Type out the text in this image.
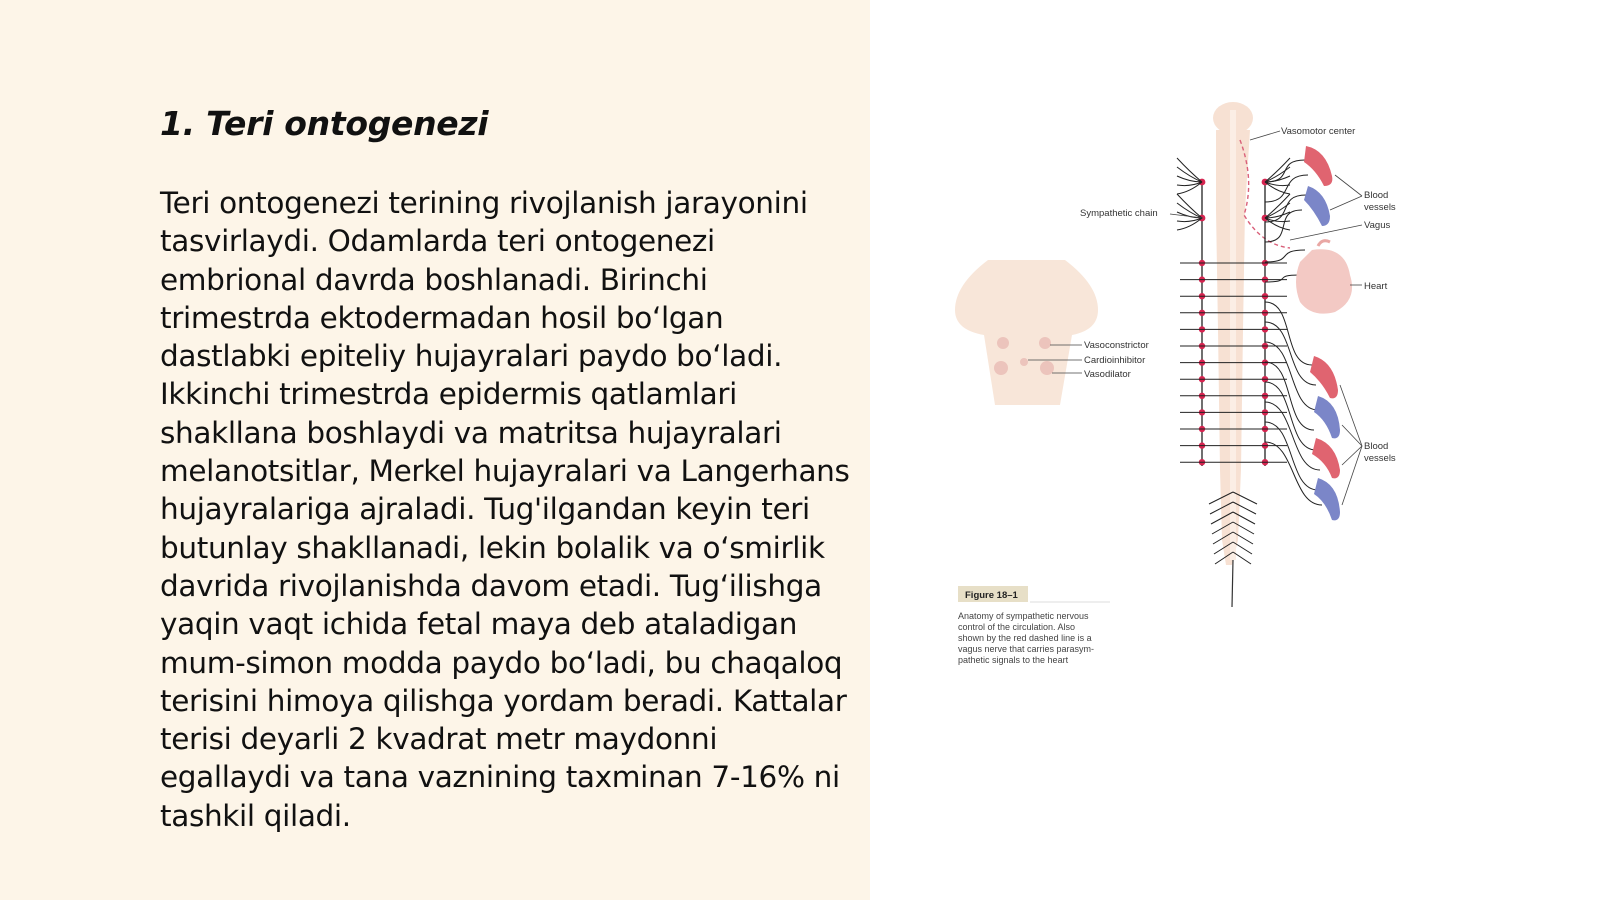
1. Teri ontogenezi

Teri ontogenezi terining rivojlanish jarayonini tasvirlaydi. Odamlarda teri ontogenezi embrional davrda boshlanadi. Birinchi trimestrda ektodermadan hosil bo‘lgan dastlabki epiteliy hujayralari paydo bo‘ladi. Ikkinchi trimestrda epidermis qatlamlari shakllana boshlaydi va matritsa hujayralari melanotsitlar, Merkel hujayralari va Langerhans hujayralariga ajraladi. Tug'ilgandan keyin teri butunlay shakllanadi, lekin bolalik va o‘smirlik davrida rivojlanishda davom etadi. Tug‘ilishga yaqin vaqt ichida fetal maya deb ataladigan mum-simon modda paydo bo‘ladi, bu chaqaloq terisini himoya qilishga yordam beradi. Kattalar terisi deyarli 2 kvadrat metr maydonni egallaydi va tana vaznining taxminan 7-16% ni tashkil qiladi.

Vasomotor center
Sympathetic chain
Blood
vessels
Vagus
Heart
Vasoconstrictor
Cardioinhibitor
Vasodilator
Blood
vessels
Figure 18–1
Anatomy of sympathetic nervous
control of the circulation. Also
shown by the red dashed line is a
vagus nerve that carries parasym-
pathetic signals to the heart
